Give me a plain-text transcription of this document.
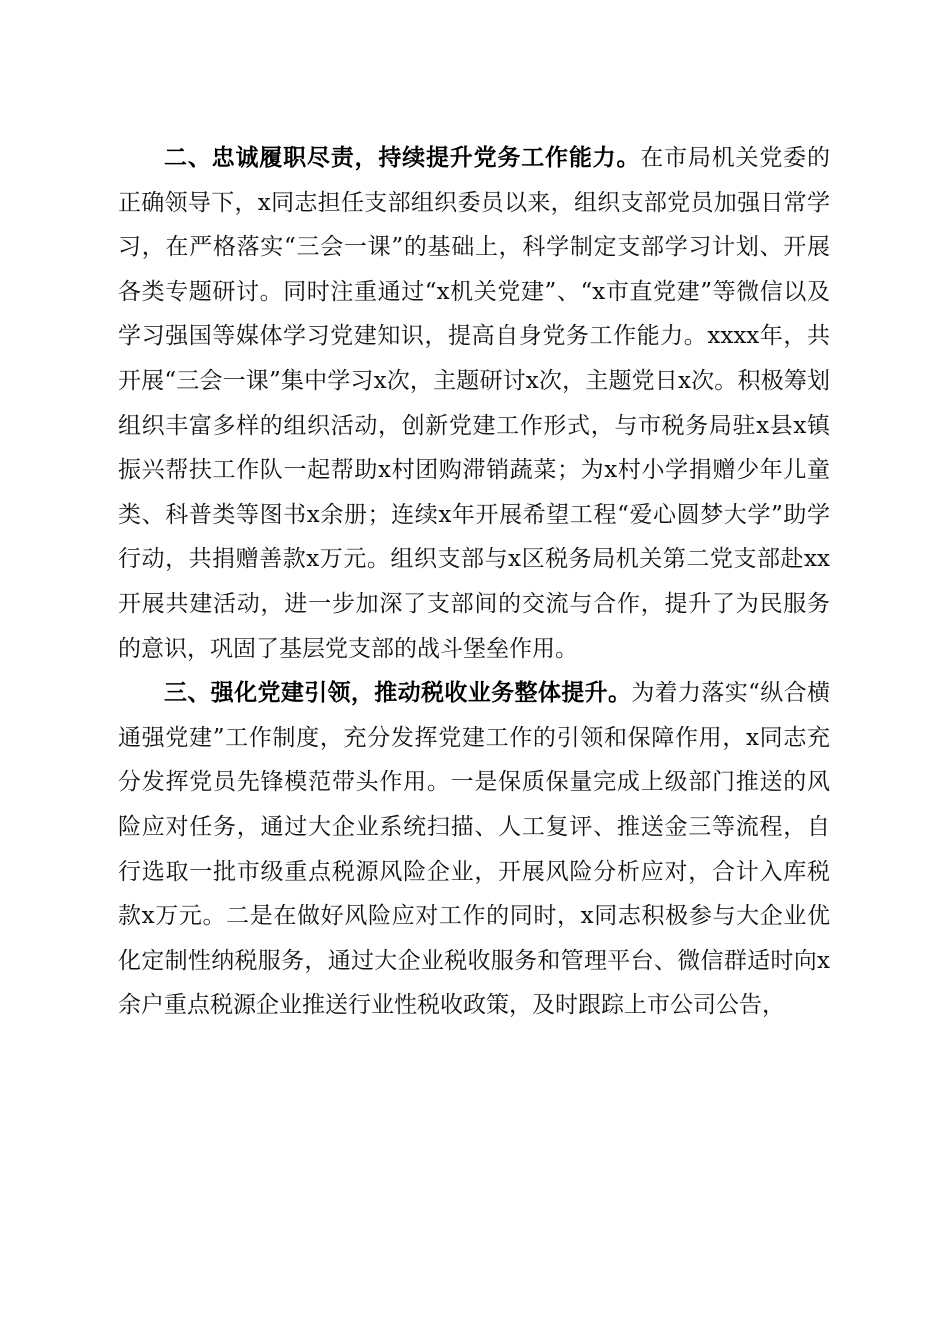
二、忠诚履职尽责，持续提升党务工作能力。在市局机关党委的正确领导下，x同志担任支部组织委员以来，组织支部党员加强日常学习，在严格落实“三会一课”的基础上，科学制定支部学习计划、开展各类专题研讨。同时注重通过“x机关党建”、“x市直党建”等微信以及学习强国等媒体学习党建知识，提高自身党务工作能力。xxxx年，共开展“三会一课”集中学习x次，主题研讨x次，主题党日x次。积极筹划组织丰富多样的组织活动，创新党建工作形式，与市税务局驻x县x镇振兴帮扶工作队一起帮助x村团购滞销蔬菜；为x村小学捐赠少年儿童类、科普类等图书x余册；连续x年开展希望工程“爱心圆梦大学”助学行动，共捐赠善款x万元。组织支部与x区税务局机关第二党支部赴xx开展共建活动，进一步加深了支部间的交流与合作，提升了为民服务的意识，巩固了基层党支部的战斗堡垒作用。

三、强化党建引领，推动税收业务整体提升。为着力落实“纵合横通强党建”工作制度，充分发挥党建工作的引领和保障作用，x同志充分发挥党员先锋模范带头作用。一是保质保量完成上级部门推送的风险应对任务，通过大企业系统扫描、人工复评、推送金三等流程，自行选取一批市级重点税源风险企业，开展风险分析应对，合计入库税款x万元。二是在做好风险应对工作的同时，x同志积极参与大企业优化定制性纳税服务，通过大企业税收服务和管理平台、微信群适时向x余户重点税源企业推送行业性税收政策，及时跟踪上市公司公告，
